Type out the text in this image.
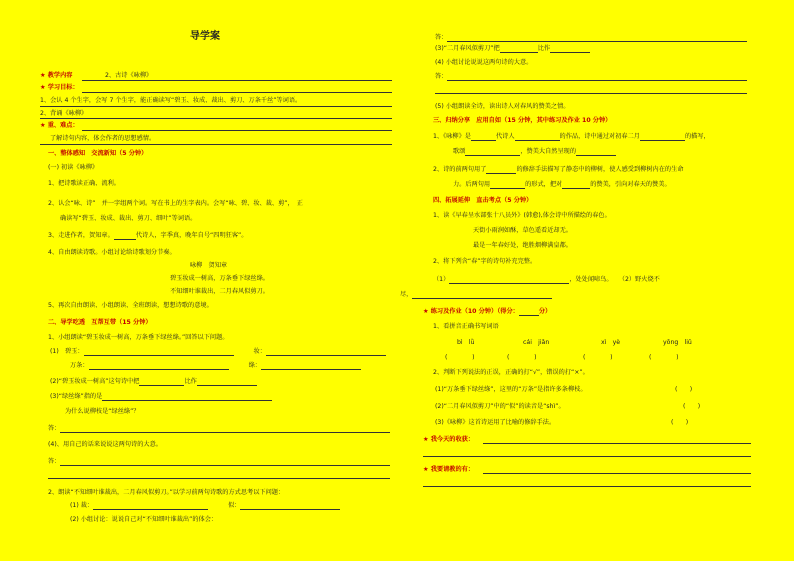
导学案
★ 教学内容	2、古诗《咏柳》
★ 学习目标：
1、会认 4 个生字，会写 7 个生字，能正确读写“碧玉、妆成、裁出、剪刀、万条千丝”等词语。
2、背诵《咏柳》
★ 重、难点：
了解诗句内容，体会作者的思想感情。
一、整体感知　交流新知（5 分钟）
(一) 初读《咏柳》
1、把诗歌读正确、流利。
2、认会“咏、诗”　并一字组两个词。写在书上的生字表内。会写“咏、碧、妆、裁、剪”，　正
确读写“碧玉、妆成、裁出、剪刀、细叶”等词语。
3、走进作者，贺知章。	代诗人，字季真，晚年自号“四明狂客”。
4、自由朗读诗歌。小组讨论给诗歌划分节奏。
咏柳　贺知章
碧玉妆成一树高，万条垂下绿丝绦。
不知细叶谁裁出，二月春风似剪刀。
5、再次自由朗读、小组朗读、全班朗读，想想诗歌的意境。
二、导学吃透　互帮互带（15 分钟）
1、小组朗读“碧玉妆成一树高，万条垂下绿丝绦。”回答以下问题。
(1)　碧玉：	妆：
万条：	绦：
(2)“碧玉妆成一树高”这句诗中把	比作
(3)“绿丝绦”指的是
为什么说柳枝是“绿丝绦”？
答：
(4)、用自己的话来说说这两句诗的大意。
答：
2、朗读“不知细叶谁裁出，二月春风似剪刀。”以学习前两句诗歌的方式思考以下问题：
(1) 裁：	似：
(2) 小组讨论：说说自己对“不知细叶谁裁出”的体会：
答：
(3)“二月春风似剪刀”把	比作
(4) 小组讨论说说这两句诗的大意。
答：
(5) 小组朗读全诗，读出诗人对春风的赞美之情。
三、归纳分享　应用自如（15 分钟，其中练习及作业 10 分钟）
1、《咏柳》是	代诗人	的作品，诗中通过对初春二月	的描写，
歌颂	，赞美大自然呈现的
2、诗的前两句用了	的修辞手法描写了静态中的柳树，使人感受到柳树内在的生命
力。后两句用	的形式，把对	的赞美，引向对春天的赞美。
四、拓展延伸　直击考点（5 分钟）
1、读《早春呈水部张十八员外》(韩愈),体会诗中所描绘的春色。
天街小雨润如酥，草色遥看近却无。
最是一年春好处，绝胜烟柳满皇都。
2、将下列含“春”字的诗句补充完整。
（1）	，处处闻啼鸟。　　（2）野火烧不
尽，
★ 练习及作业（10 分钟）（得分：	分）
1、看拼音正确书写词语
bì　lǜ	cái　jiǎn	xì　yè	yōng　liǔ
(　　　　)	(　　　　)	(　　　　)	(　　　　)
2、判断下列说法的正误，正确的打“√”，错误的打“×”。
(1)“万条垂下绿丝绦”，这里的“万条”是指许多条柳枝。	(　　)
(2)“二月春风似剪刀”中的“似”的读音是“shì”。	(　　)
(3)《咏柳》这首诗运用了比喻的修辞手法。	(　　)
★ 我今天的收获：
★ 我要请教的有：
